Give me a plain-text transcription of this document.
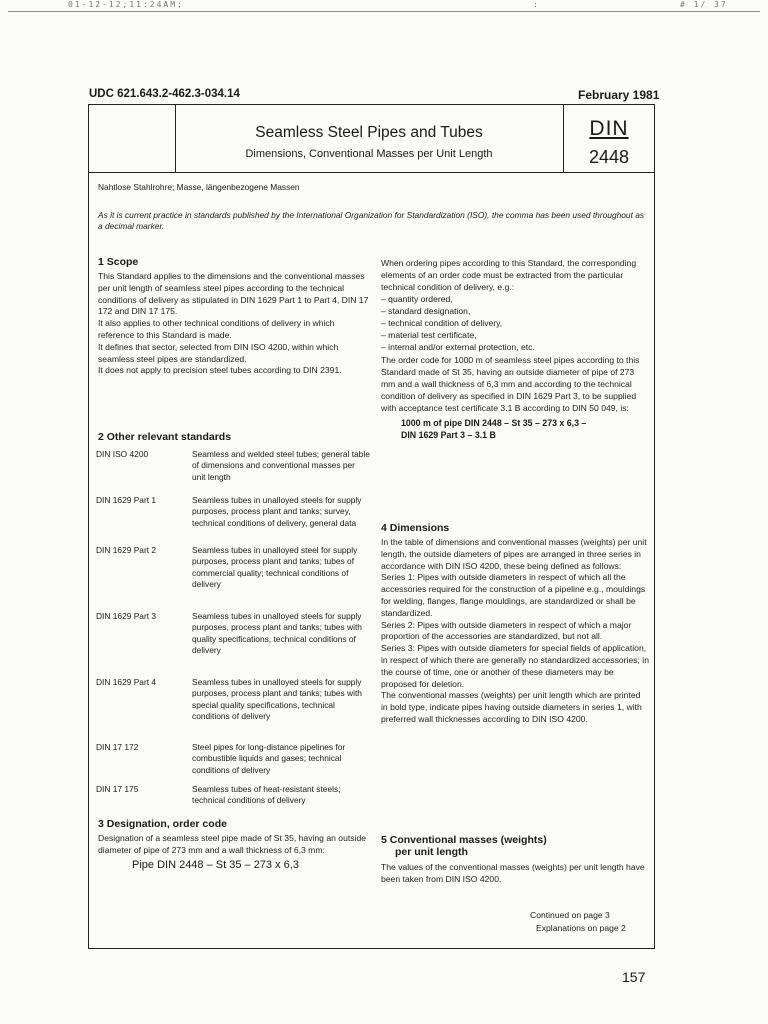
01-12-12;11:24AM;	:	# 1/ 37
UDC 621.643.2-462.3-034.14	February 1981
Seamless Steel Pipes and Tubes
Dimensions, Conventional Masses per Unit Length
DIN
2448
Nahtlose Stahlrohre; Masse, längenbezogene Massen
As it is current practice in standards published by the International Organization for Standardization (ISO), the comma has been used throughout as a decimal marker.
1 Scope
This Standard applies to the dimensions and the conventional masses per unit length of seamless steel pipes according to the technical conditions of delivery as stipulated in DIN 1629 Part 1 to Part 4, DIN 17 172 and DIN 17 175.
It also applies to other technical conditions of delivery in which reference to this Standard is made.
It defines that sector, selected from DIN ISO 4200, within which seamless steel pipes are standardized.
It does not apply to precision steel tubes according to DIN 2391.
2 Other relevant standards
DIN ISO 4200	Seamless and welded steel tubes; general table of dimensions and conventional masses per unit length
DIN 1629 Part 1	Seamless tubes in unalloyed steels for supply purposes, process plant and tanks; survey, technical conditions of delivery, general data
DIN 1629 Part 2	Seamless tubes in unalloyed steel for supply purposes, process plant and tanks; tubes of commercial quality; technical conditions of delivery
DIN 1629 Part 3	Seamless tubes in unalloyed steels for supply purposes, process plant and tanks; tubes with quality specifications, technical conditions of delivery
DIN 1629 Part 4	Seamless tubes in unalloyed steels for supply purposes, process plant and tanks; tubes with special quality specifications, technical conditions of delivery
DIN 17 172	Steel pipes for long-distance pipelines for combustible liquids and gases; technical conditions of delivery
DIN 17 175	Seamless tubes of heat-resistant steels; technical conditions of delivery
3 Designation, order code
Designation of a seamless steel pipe made of St 35, having an outside diameter of pipe of 273 mm and a wall thickness of 6,3 mm:
Pipe DIN 2448 – St 35 – 273 x 6,3
When ordering pipes according to this Standard, the corresponding elements of an order code must be extracted from the particular technical condition of delivery, e.g.:
– quantity ordered,
– standard designation,
– technical condition of delivery,
– material test certificate,
– internal and/or external protection, etc.
The order code for 1000 m of seamless steel pipes according to this Standard made of St 35, having an outside diameter of pipe of 273 mm and a wall thickness of 6,3 mm and according to the technical condition of delivery as specified in DIN 1629 Part 3, to be supplied with acceptance test certificate 3.1 B according to DIN 50 049, is:
1000 m of pipe DIN 2448 – St 35 – 273 x 6,3 –
DIN 1629 Part 3 – 3.1 B
4 Dimensions
In the table of dimensions and conventional masses (weights) per unit length, the outside diameters of pipes are arranged in three series in accordance with DIN ISO 4200, these being defined as follows:
Series 1: Pipes with outside diameters in respect of which all the accessories required for the construction of a pipeline e.g., mouldings for welding, flanges, flange mouldings, are standardized or shall be standardized.
Series 2: Pipes with outside diameters in respect of which a major proportion of the accessories are standardized, but not all.
Series 3: Pipes with outside diameters for special fields of application, in respect of which there are generally no standardized accessories; in the course of time, one or another of these diameters may be proposed for deletion.
The conventional masses (weights) per unit length which are printed in bold type, indicate pipes having outside diameters in series 1, with preferred wall thicknesses according to DIN ISO 4200.
5 Conventional masses (weights)
per unit length
The values of the conventional masses (weights) per unit length have been taken from DIN ISO 4200.
Continued on page 3
Explanations on page 2
157
